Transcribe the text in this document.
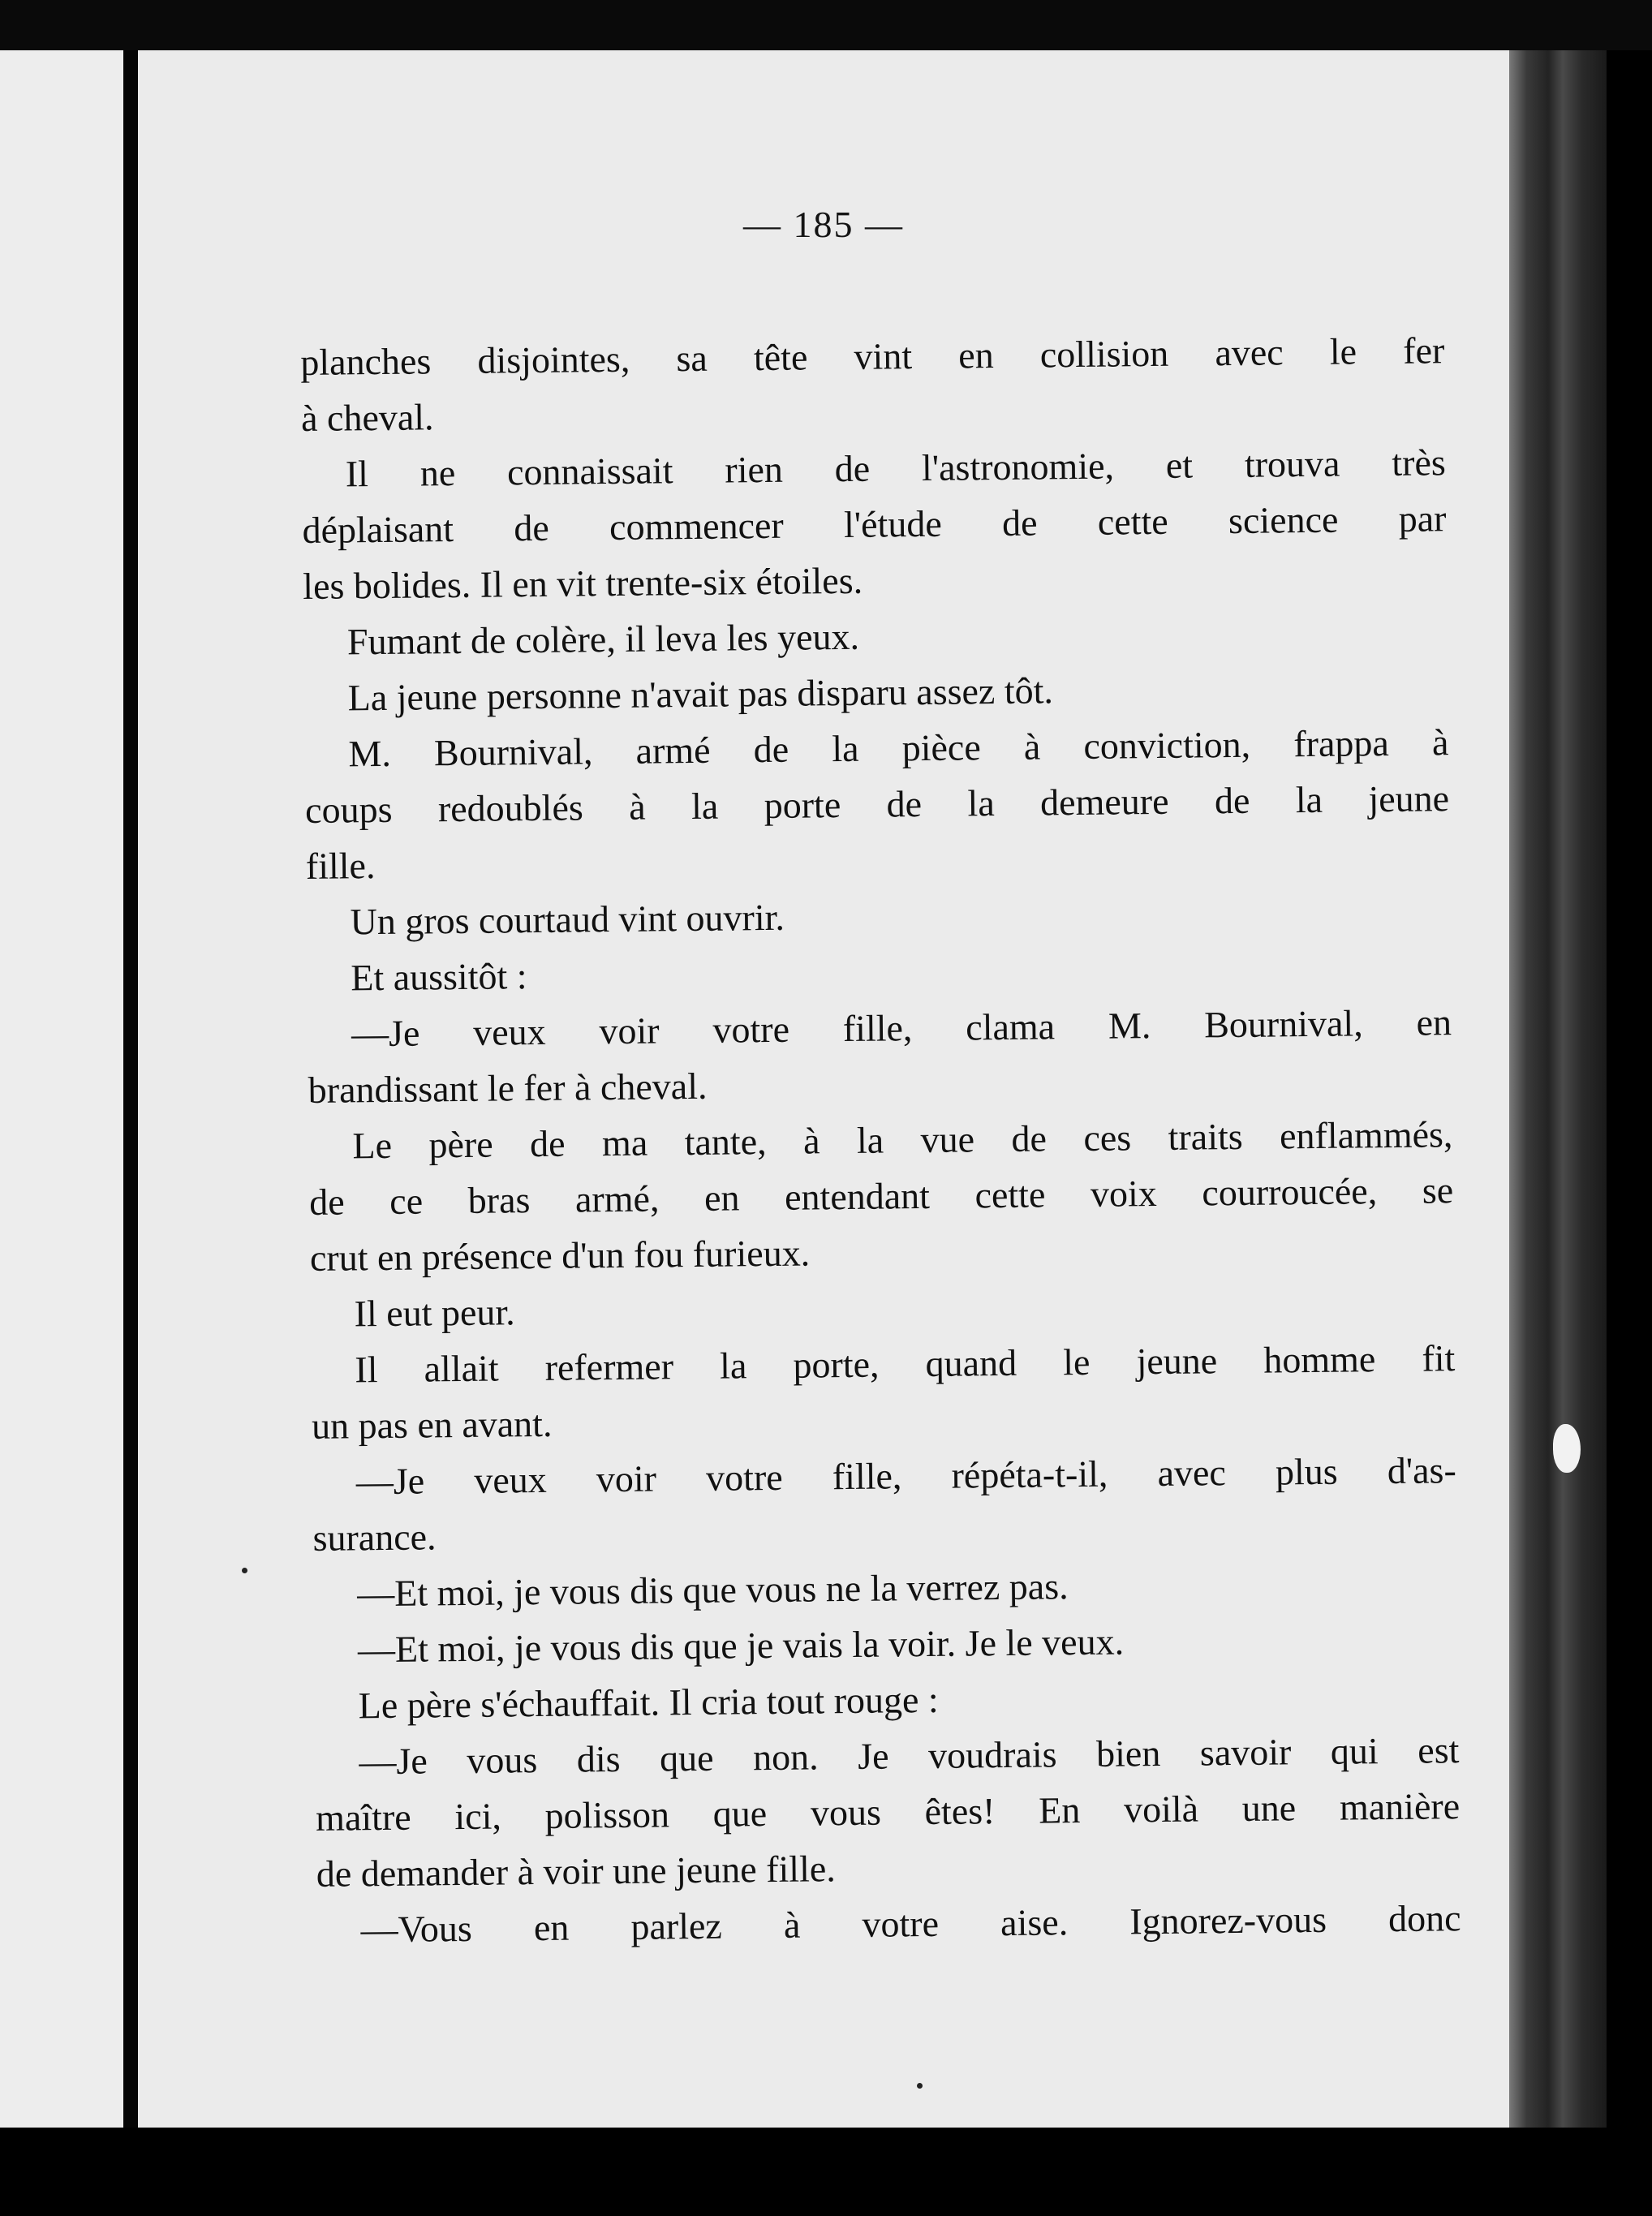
— 185 —

planches disjointes, sa tête vint en collision avec le fer

à cheval.

Il ne connaissait rien de l'astronomie, et trouva très

déplaisant de commencer l'étude de cette science par

les bolides. Il en vit trente-six étoiles.

Fumant de colère, il leva les yeux.

La jeune personne n'avait pas disparu assez tôt.

M. Bournival, armé de la pièce à conviction, frappa à

coups redoublés à la porte de la demeure de la jeune

fille.

Un gros courtaud vint ouvrir.

Et aussitôt :

—Je veux voir votre fille, clama M. Bournival, en

brandissant le fer à cheval.

Le père de ma tante, à la vue de ces traits enflammés,

de ce bras armé, en entendant cette voix courroucée, se

crut en présence d'un fou furieux.

Il eut peur.

Il allait refermer la porte, quand le jeune homme fit

un pas en avant.

—Je veux voir votre fille, répéta-t-il, avec plus d'as-

surance.

—Et moi, je vous dis que vous ne la verrez pas.

—Et moi, je vous dis que je vais la voir. Je le veux.

Le père s'échauffait. Il cria tout rouge :

—Je vous dis que non. Je voudrais bien savoir qui est

maître ici, polisson que vous êtes! En voilà une manière

de demander à voir une jeune fille.

—Vous en parlez à votre aise. Ignorez-vous donc
